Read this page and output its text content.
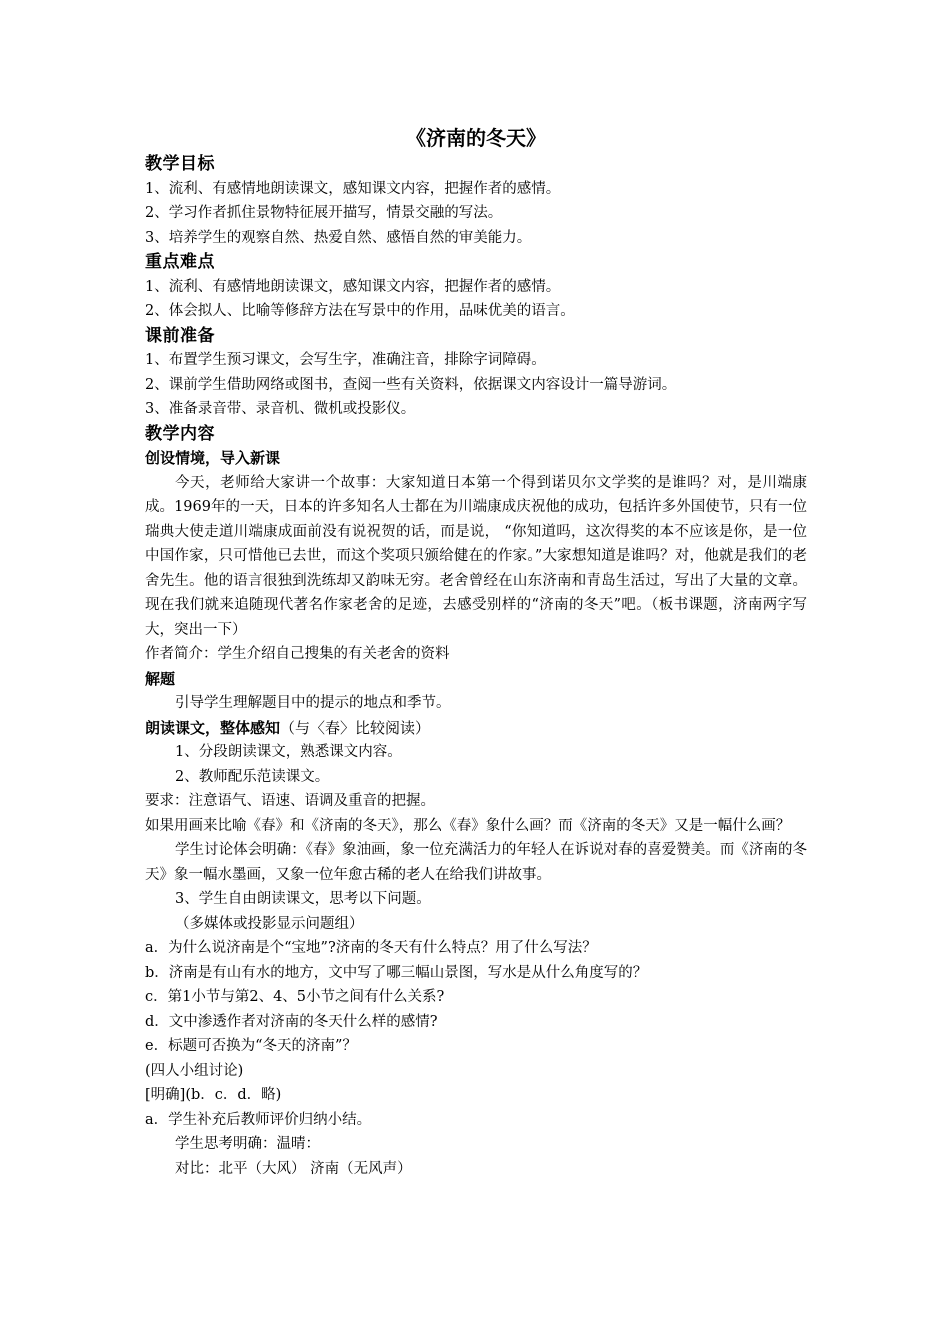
《济南的冬天》
教学目标

1、流利、有感情地朗读课文，感知课文内容，把握作者的感情。

2、学习作者抓住景物特征展开描写，情景交融的写法。

3、培养学生的观察自然、热爱自然、感悟自然的审美能力。

重点难点

1、流利、有感情地朗读课文，感知课文内容，把握作者的感情。

2、体会拟人、比喻等修辞方法在写景中的作用，品味优美的语言。

课前准备

1、布置学生预习课文，会写生字，准确注音，排除字词障碍。

2、课前学生借助网络或图书，查阅一些有关资料，依据课文内容设计一篇导游词。

3、准备录音带、录音机、微机或投影仪。

教学内容
创设情境，导入新课

今天，老师给大家讲一个故事：大家知道日本第一个得到诺贝尔文学奖的是谁吗？对，是川端康成。1969年的一天，日本的许多知名人士都在为川端康成庆祝他的成功，包括许多外国使节，只有一位瑞典大使走道川端康成面前没有说祝贺的话，而是说， “你知道吗，这次得奖的本不应该是你，是一位中国作家，只可惜他已去世，而这个奖项只颁给健在的作家。”大家想知道是谁吗？对，他就是我们的老舍先生。他的语言很独到洗练却又韵味无穷。老舍曾经在山东济南和青岛生活过，写出了大量的文章。现在我们就来追随现代著名作家老舍的足迹，去感受别样的“济南的冬天”吧。（板书课题，济南两字写大，突出一下）

作者简介：学生介绍自己搜集的有关老舍的资料

解题

引导学生理解题目中的提示的地点和季节。

朗读课文，整体感知（与〈春〉比较阅读）

1、分段朗读课文，熟悉课文内容。

2、教师配乐范读课文。

要求：注意语气、语速、语调及重音的把握。

如果用画来比喻《春》和《济南的冬天》，那么《春》象什么画？而《济南的冬天》又是一幅什么画？

学生讨论体会明确：《春》象油画，象一位充满活力的年轻人在诉说对春的喜爱赞美。而《济南的冬天》象一幅水墨画，又象一位年愈古稀的老人在给我们讲故事。

3、学生自由朗读课文，思考以下问题。

（多媒体或投影显示问题组）

a．为什么说济南是个“宝地”?济南的冬天有什么特点？用了什么写法？

b．济南是有山有水的地方，文中写了哪三幅山景图，写水是从什么角度写的？

c．第1小节与第2、4、5小节之间有什么关系?

d．文中渗透作者对济南的冬天什么样的感情?

e．标题可否换为“冬天的济南”？

(四人小组讨论)

[明确](b．c．d．略)

a．学生补充后教师评价归纳小结。

学生思考明确：温晴：

对比：北平（大风） 济南（无风声）
